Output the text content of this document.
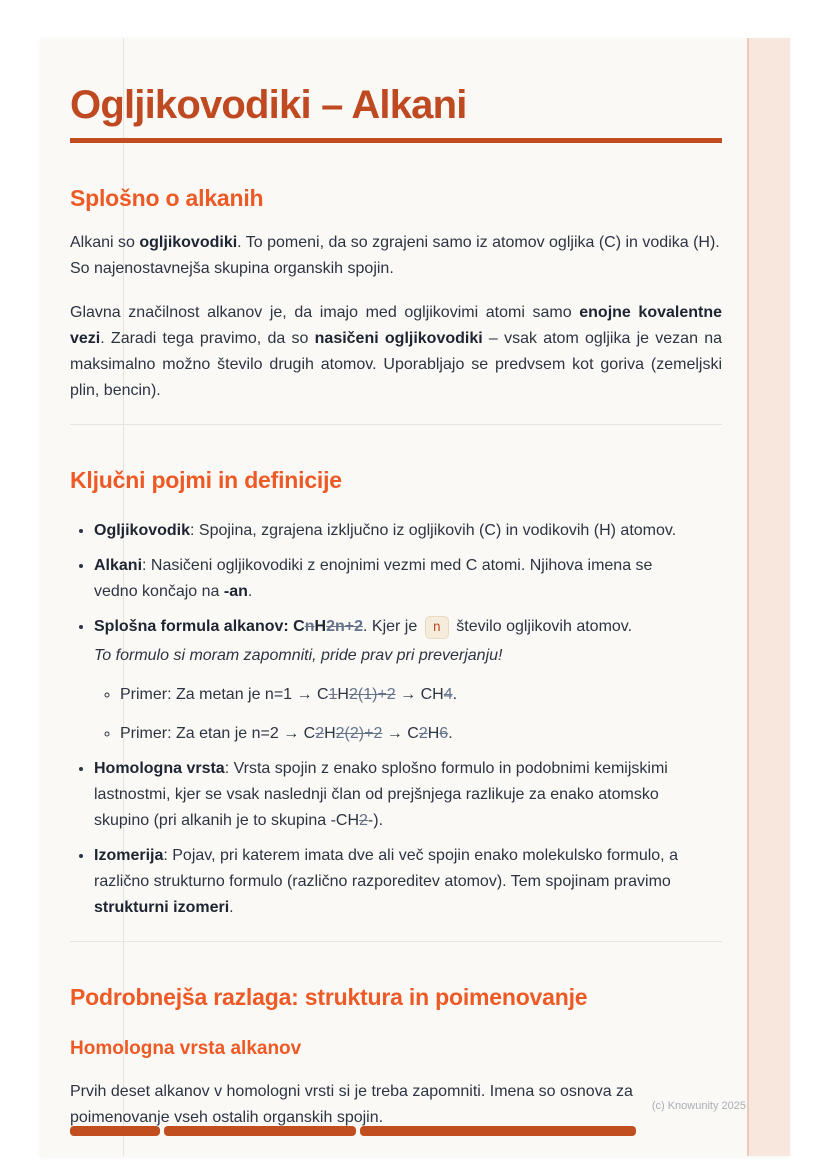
Ogljikovodiki – Alkani
Splošno o alkanih

Alkani so ogljikovodiki. To pomeni, da so zgrajeni samo iz atomov ogljika (C) in vodika (H). So najenostavnejša skupina organskih spojin.

Glavna značilnost alkanov je, da imajo med ogljikovimi atomi samo enojne kovalentne vezi. Zaradi tega pravimo, da so nasičeni ogljikovodiki – vsak atom ogljika je vezan na maksimalno možno število drugih atomov. Uporabljajo se predvsem kot goriva (zemeljski plin, bencin).

Ključni pojmi in definicije
• Ogljikovodik: Spojina, zgrajena izključno iz ogljikovih (C) in vodikovih (H) atomov.
• Alkani: Nasičeni ogljikovodiki z enojnimi vezmi med C atomi. Njihova imena se vedno končajo na -an.
• Splošna formula alkanov: CnH2n+2. Kjer je n število ogljikovih atomov.
To formulo si moram zapomniti, pride prav pri preverjanju!
◦ Primer: Za metan je n=1 → C1H2(1)+2 → CH4.
◦ Primer: Za etan je n=2 → C2H2(2)+2 → C2H6.
• Homologna vrsta: Vrsta spojin z enako splošno formulo in podobnimi kemijskimi lastnostmi, kjer se vsak naslednji član od prejšnjega razlikuje za enako atomsko skupino (pri alkanih je to skupina -CH2-).
• Izomerija: Pojav, pri katerem imata dve ali več spojin enako molekulsko formulo, a različno strukturno formulo (različno razporeditev atomov). Tem spojinam pravimo strukturni izomeri.
Podrobnejša razlaga: struktura in poimenovanje
Homologna vrsta alkanov

Prvih deset alkanov v homologni vrsti si je treba zapomniti. Imena so osnova za poimenovanje vseh ostalih organskih spojin.

(c) Knowunity 2025
